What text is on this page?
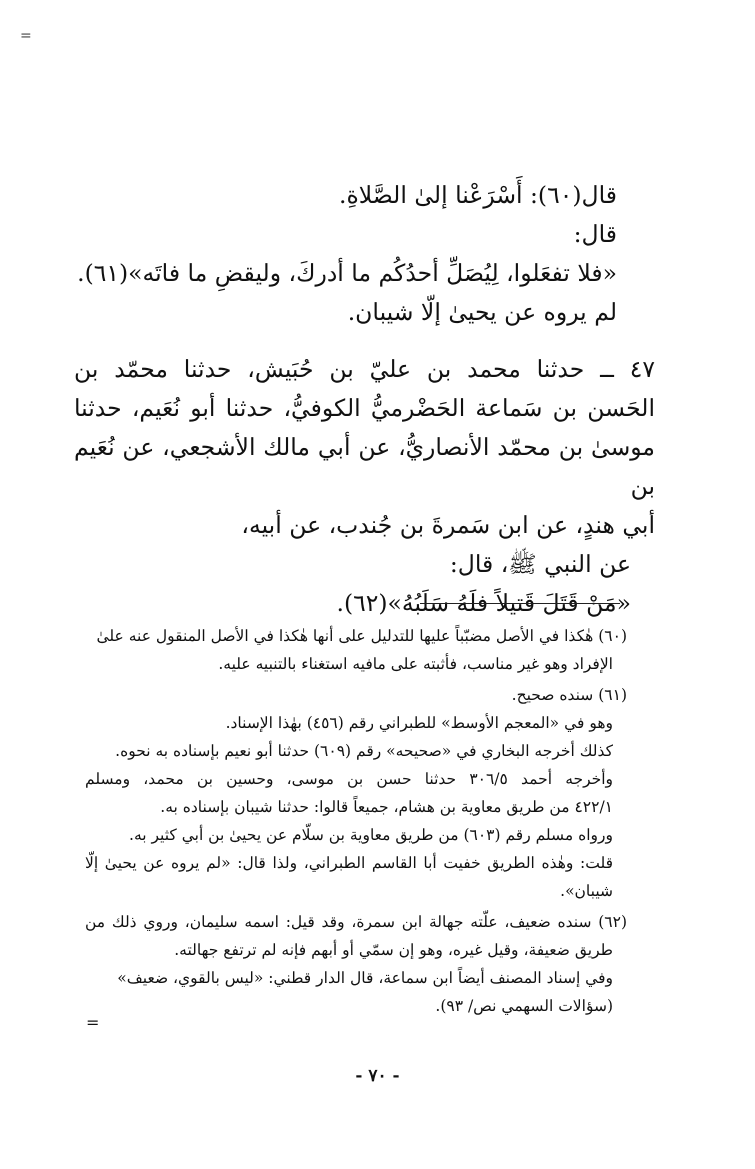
=
قال(٦٠): أَسْرَعْنا إلىٰ الصَّلاةِ.
قال:
«فلا تفعَلوا، لِيُصَلِّ أحدُكُم ما أدركَ، وليقضِ ما فاتَه»(٦١).
لم يروه عن يحيىٰ إلّا شيبان.
٤٧ ــ حدثنا محمد بن عليّ بن حُبَيش، حدثنا محمّد بن
الحَسن بن سَماعة الحَضْرميُّ الكوفيُّ، حدثنا أبو نُعَيم، حدثنا
موسىٰ بن محمّد الأنصاريُّ، عن أبي مالك الأشجعي، عن نُعَيم بن
أبي هندٍ، عن ابن سَمرةَ بن جُندب، عن أبيه،
عن النبي ﷺ، قال:
«مَنْ قَتَلَ قَتيلاً فلَهُ سَلَبُهُ»(٦٢).
(٦٠) هٰكذا في الأصل مضبّباً عليها للتدليل على أنها هٰكذا في الأصل المنقول عنه علىٰ
الإفراد وهو غير مناسب، فأثبته على مافيه استغناء بالتنبيه عليه.
(٦١) سنده صحيح.
وهو في «المعجم الأوسط» للطبراني رقم (٤٥٦) بهٰذا الإسناد.
كذلك أخرجه البخاري في «صحيحه» رقم (٦٠٩) حدثنا أبو نعيم بإسناده به نحوه.
وأخرجه أحمد ٣٠٦/٥ حدثنا حسن بن موسى، وحسين بن محمد، ومسلم
٤٢٢/١ من طريق معاوية بن هشام، جميعاً قالوا: حدثنا شيبان بإسناده به.
ورواه مسلم رقم (٦٠٣) من طريق معاوية بن سلّام عن يحيىٰ بن أبي كثير به.
قلت: وهٰذه الطريق خفيت أبا القاسم الطبراني، ولذا قال: «لم يروه عن يحيىٰ إلّا
شيبان».
(٦٢) سنده ضعيف، علّته جهالة ابن سمرة، وقد قيل: اسمه سليمان، وروي ذلك من
طريق ضعيفة، وقيل غيره، وهو إن سمّي أو أبهم فإنه لم ترتفع جهالته.
وفي إسناد المصنف أيضاً ابن سماعة، قال الدار قطني: «ليس بالقوي، ضعيف»
(سؤالات السهمي نص/ ٩٣).
=
- ٧٠ -
